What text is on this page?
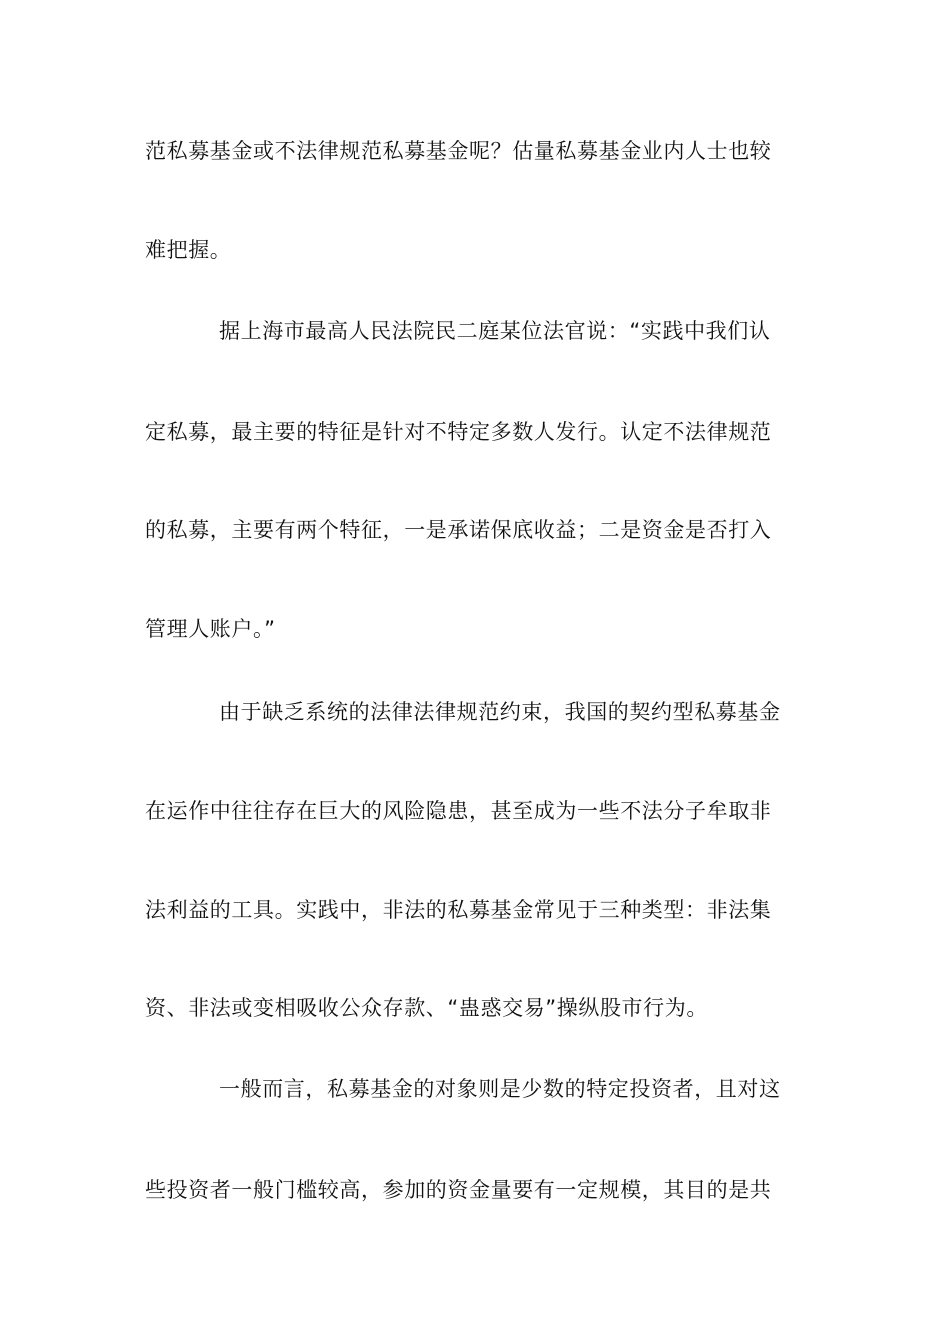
范私募基金或不法律规范私募基金呢？估量私募基金业内人士也较
难把握。
据上海市最高人民法院民二庭某位法官说：“实践中我们认
定私募，最主要的特征是针对不特定多数人发行。认定不法律规范
的私募，主要有两个特征，一是承诺保底收益；二是资金是否打入
管理人账户。”
由于缺乏系统的法律法律规范约束，我国的契约型私募基金
在运作中往往存在巨大的风险隐患，甚至成为一些不法分子牟取非
法利益的工具。实践中，非法的私募基金常见于三种类型：非法集
资、非法或变相吸收公众存款、“蛊惑交易”操纵股市行为。
一般而言，私募基金的对象则是少数的特定投资者，且对这
些投资者一般门槛较高，参加的资金量要有一定规模，其目的是共
